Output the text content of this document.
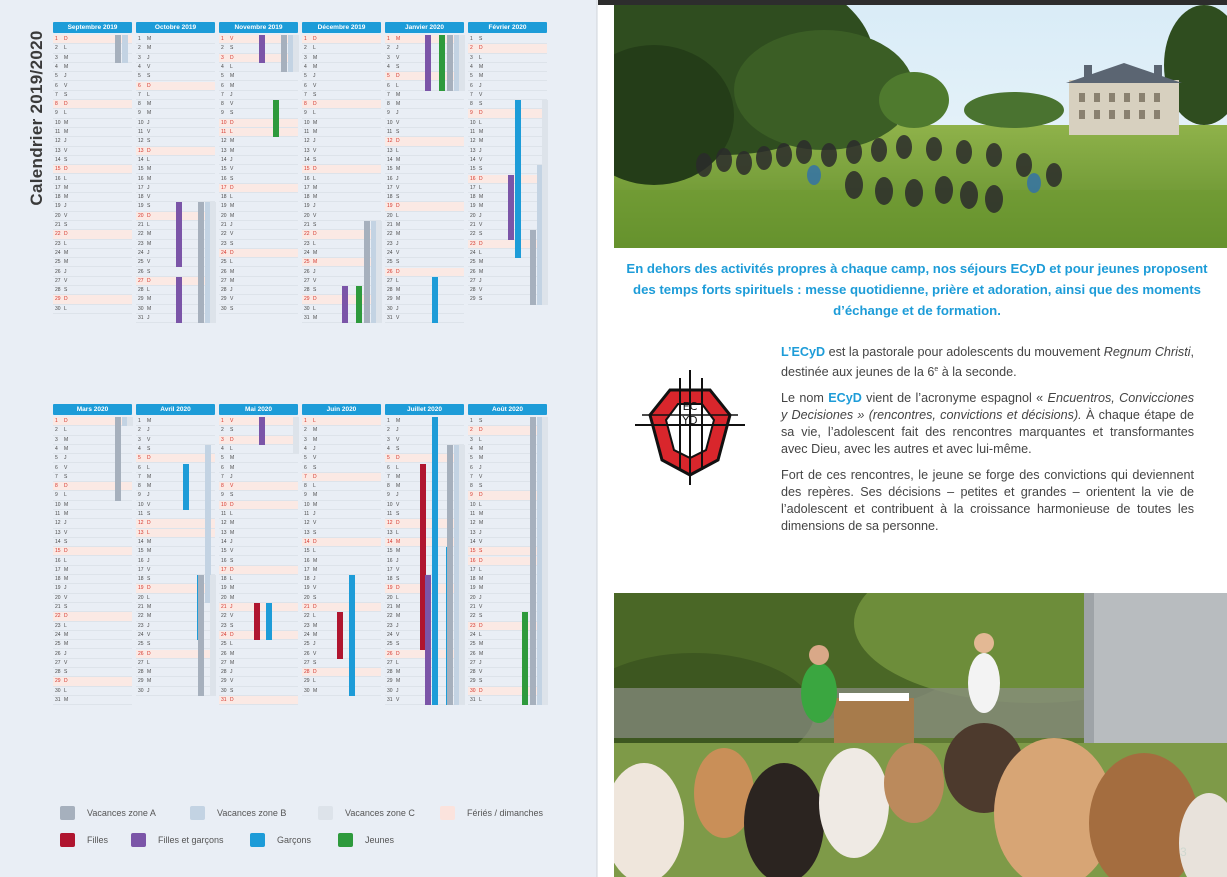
Calendrier 2019/2020
Septembre 2019
1	D
2	L
3	M
4	M
5	J
6	V
7	S
8	D
9	L
10 M
11 M
12 J
13 V
14 S
15 D
16 L
17 M
18 M
19 J
20 V
21 S
22 D
23 L
24 M
25 M
26 J
27 V
28 S
29 D
30 L
Octobre 2019
1	M
2	M
3	J
4	V
5	S
6	D
7	L
8	M
9	M
10 J
11 V
12 S
13 D
14 L
15 M
16 M
17 J
18 V
19 S
20 D
21 L
22 M
23 M
24 J
25 V
26 S
27 D
28 L
29 M
30 M
31 J
Novembre 2019
1	V
2	S
3	D
4	L
5	M
6	M
7	J
8	V
9	S
10 D
11 L
12 M
13 M
14 J
15 V
16 S
17 D
18 L
19 M
20 M
21 J
22 V
23 S
24 D
25 L
26 M
27 M
28 J
29 V
30 S
Décembre 2019
1	D
2	L
3	M
4	M
5	J
6	V
7	S
8	D
9	L
10 M
11 M
12 J
13 V
14 S
15 D
16 L
17 M
18 M
19 J
20 V
21 S
22 D
23 L
24 M
25 M
26 J
27 V
28 S
29 D
30 L
31 M
Janvier 2020
1	M
2	J
3	V
4	S
5	D
6	L
7	M
8	M
9	J
10 V
11 S
12 D
13 L
14 M
15 M
16 J
17 V
18 S
19 D
20 L
21 M
22 M
23 J
24 V
25 S
26 D
27 L
28 M
29 M
30 J
31 V
Février 2020
1	S
2	D
3	L
4	M
5	M
6	J
7	V
8	S
9	D
10 L
11 M
12 M
13 J
14 V
15 S
16 D
17 L
18 M
19 M
20 J
21 V
22 S
23 D
24 L
25 M
26 M
27 J
28 V
29 S
Mars 2020
1	D
2	L
3	M
4	M
5	J
6	V
7	S
8	D
9	L
10 M
11 M
12 J
13 V
14 S
15 D
16 L
17 M
18 M
19 J
20 V
21 S
22 D
23 L
24 M
25 M
26 J
27 V
28 S
29 D
30 L
31 M
Avril 2020
1	M
2	J
3	V
4	S
5	D
6	L
7	M
8	M
9	J
10 V
11 S
12 D
13 L
14 M
15 M
16 J
17 V
18 S
19 D
20 L
21 M
22 M
23 J
24 V
25 S
26 D
27 L
28 M
29 M
30 J
Mai 2020
1	V
2	S
3	D
4	L
5	M
6	M
7	J
8	V
9	S
10 D
11 L
12 M
13 M
14 J
15 V
16 S
17 D
18 L
19 M
20 M
21 J
22 V
23 S
24 D
25 L
26 M
27 M
28 J
29 V
30 S
31 D
Juin 2020
1	L
2	M
3	M
4	J
5	V
6	S
7	D
8	L
9	M
10 M
11 J
12 V
13 S
14 D
15 L
16 M
17 M
18 J
19 V
20 S
21 D
22 L
23 M
24 M
25 J
26 V
27 S
28 D
29 L
30 M
Juillet 2020
1	M
2	J
3	V
4	S
5	D
6	L
7	M
8	M
9	J
10 V
11 S
12 D
13 L
14 M
15 M
16 J
17 V
18 S
19 D
20 L
21 M
22 M
23 J
24 V
25 S
26 D
27 L
28 M
29 M
30 J
31 V
Août 2020
1	S
2	D
3	L
4	M
5	M
6	J
7	V
8	S
9	D
10 L
11 M
12 M
13 J
14 V
15 S
16 D
17 L
18 M
19 M
20 J
21 V
22 S
23 D
24 L
25 M
26 M
27 J
28 V
29 S
30 D
31 L
Vacances zone A	Vacances zone B	Vacances zone C	Fériés / dimanches
Filles	Filles et garçons	Garçons	Jeunes
En dehors des activités propres à chaque camp, nos séjours ECyD et pour jeunes proposent des temps forts spirituels : messe quotidienne, prière et adoration, ainsi que des moments d’échange et de formation.
ECYD

L’ECyD est la pastorale pour adolescents du mouvement Regnum Christi, destinée aux jeunes de la 6e à la seconde.

Le nom ECyD vient de l’acronyme espagnol « Encuentros, Convicciones y Decisiones » (rencontres, convictions et décisions). À chaque étape de sa vie, l’adolescent fait des rencontres marquantes et transformantes avec Dieu, avec les autres et avec lui-même.

Fort de ces rencontres, le jeune se forge des convictions qui deviennent des repères. Ses décisions – petites et grandes – orientent la vie de l’adolescent et contribuent à la croissance harmonieuse de toutes les dimensions de sa personne.

3
